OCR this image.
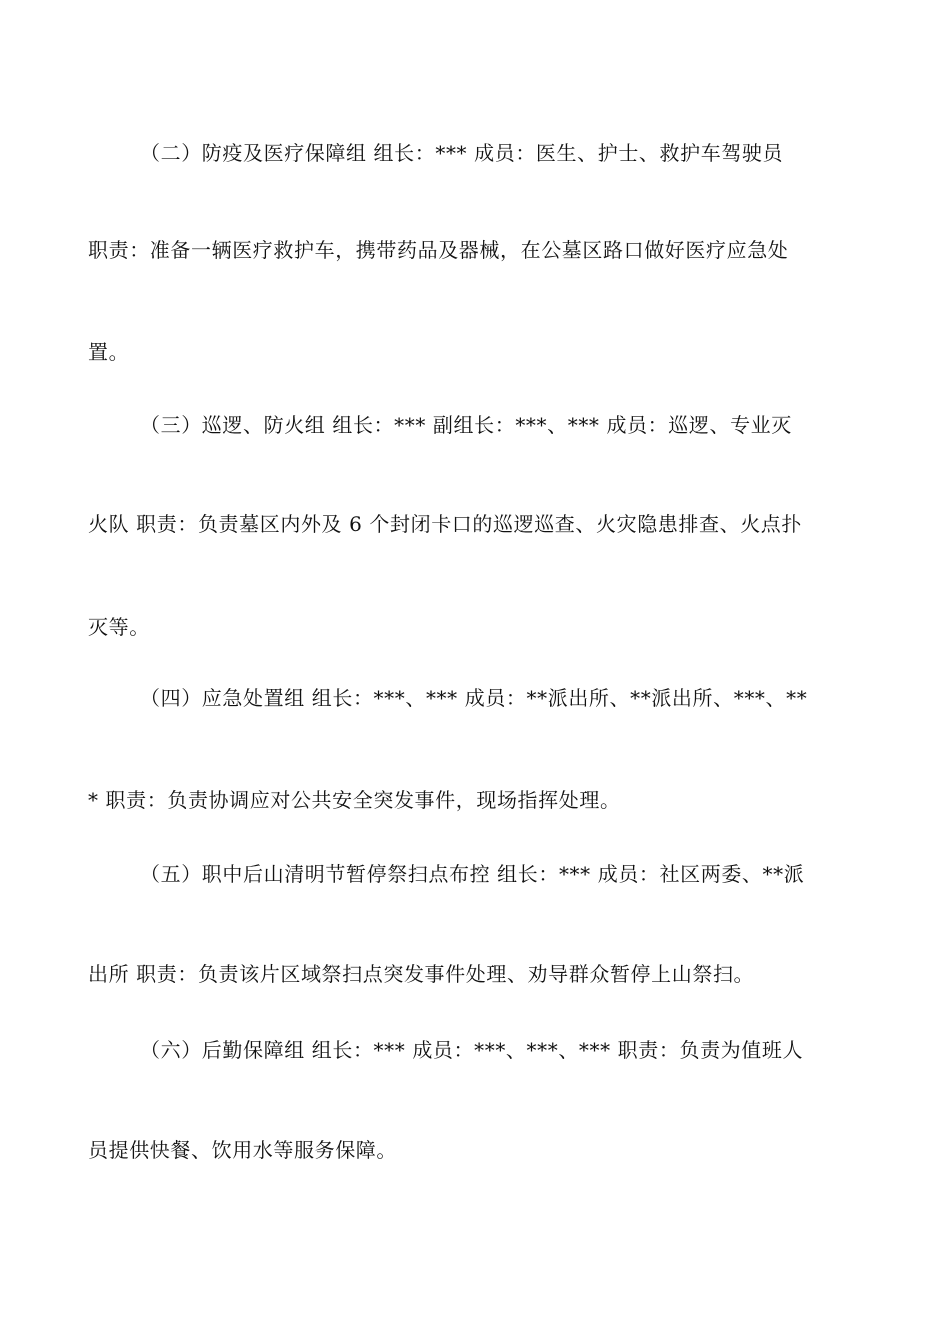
（二）防疫及医疗保障组 组长：*** 成员：医生、护士、救护车驾驶员
职责：准备一辆医疗救护车，携带药品及器械，在公墓区路口做好医疗应急处
置。
（三）巡逻、防火组 组长：*** 副组长：***、*** 成员：巡逻、专业灭
火队 职责：负责墓区内外及 6 个封闭卡口的巡逻巡查、火灾隐患排查、火点扑
灭等。
（四）应急处置组 组长：***、*** 成员：**派出所、**派出所、***、**
* 职责：负责协调应对公共安全突发事件，现场指挥处理。
（五）职中后山清明节暂停祭扫点布控 组长：*** 成员：社区两委、**派
出所 职责：负责该片区域祭扫点突发事件处理、劝导群众暂停上山祭扫。
（六）后勤保障组 组长：*** 成员：***、***、*** 职责：负责为值班人
员提供快餐、饮用水等服务保障。
